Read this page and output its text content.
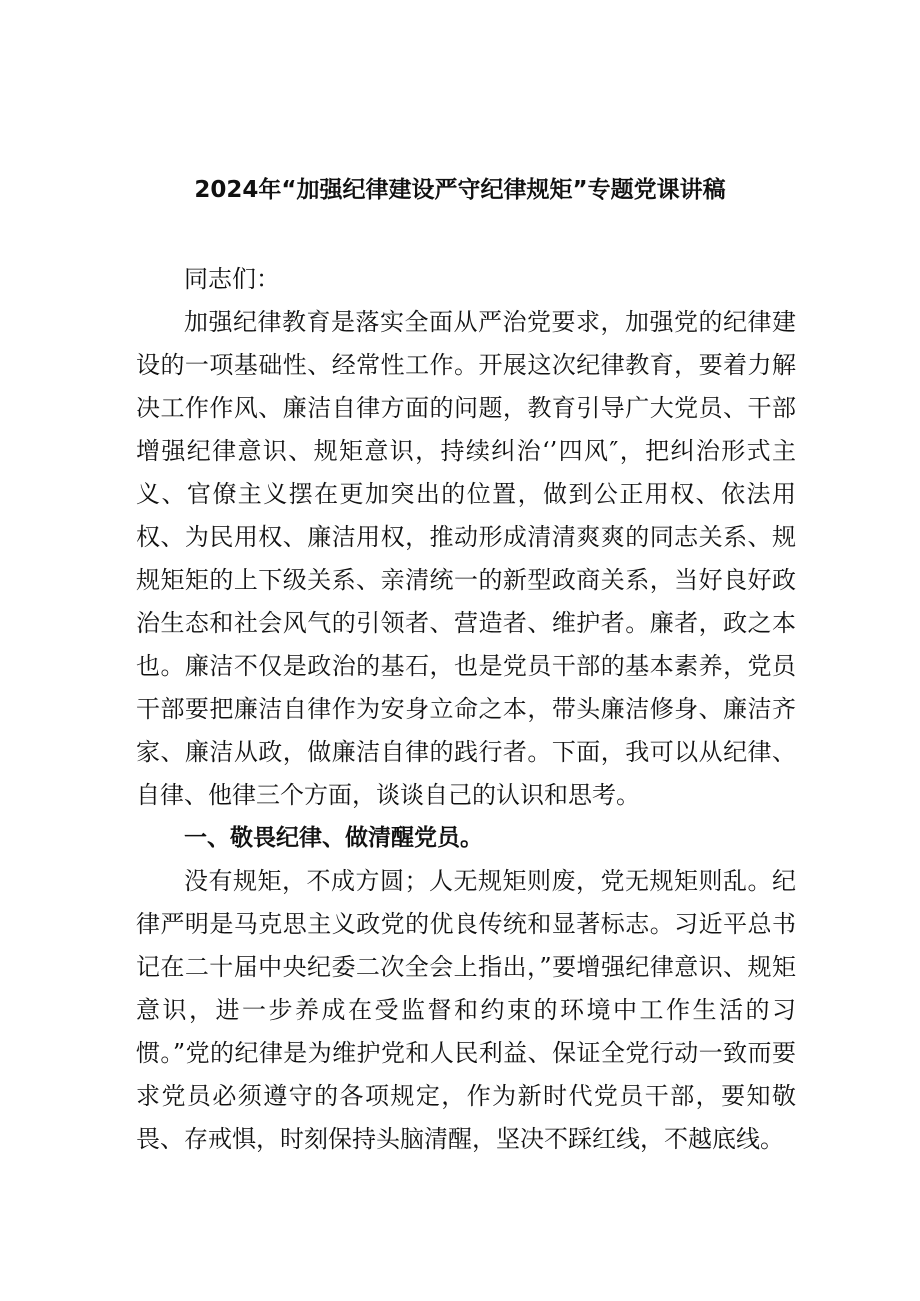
2024年“加强纪律建设严守纪律规矩”专题党课讲稿

同志们：

加强纪律教育是落实全面从严治党要求，加强党的纪律建设的一项基础性、经常性工作。开展这次纪律教育，要着力解决工作作风、廉洁自律方面的问题，教育引导广大党员、干部增强纪律意识、规矩意识，持续纠治‘’四风″，把纠治形式主义、官僚主义摆在更加突出的位置，做到公正用权、依法用权、为民用权、廉洁用权，推动形成清清爽爽的同志关系、规规矩矩的上下级关系、亲清统一的新型政商关系，当好良好政治生态和社会风气的引领者、营造者、维护者。廉者，政之本也。廉洁不仅是政治的基石，也是党员干部的基本素养，党员干部要把廉洁自律作为安身立命之本，带头廉洁修身、廉洁齐家、廉洁从政，做廉洁自律的践行者。下面，我可以从纪律、自律、他律三个方面，谈谈自己的认识和思考。

一、敬畏纪律、做清醒党员。

没有规矩，不成方圆；人无规矩则废，党无规矩则乱。纪律严明是马克思主义政党的优良传统和显著标志。习近平总书记在二十届中央纪委二次全会上指出，”要增强纪律意识、规矩意识，进一步养成在受监督和约束的环境中工作生活的习惯。”党的纪律是为维护党和人民利益、保证全党行动一致而要求党员必须遵守的各项规定，作为新时代党员干部，要知敬畏、存戒惧，时刻保持头脑清醒，坚决不踩红线，不越底线。
